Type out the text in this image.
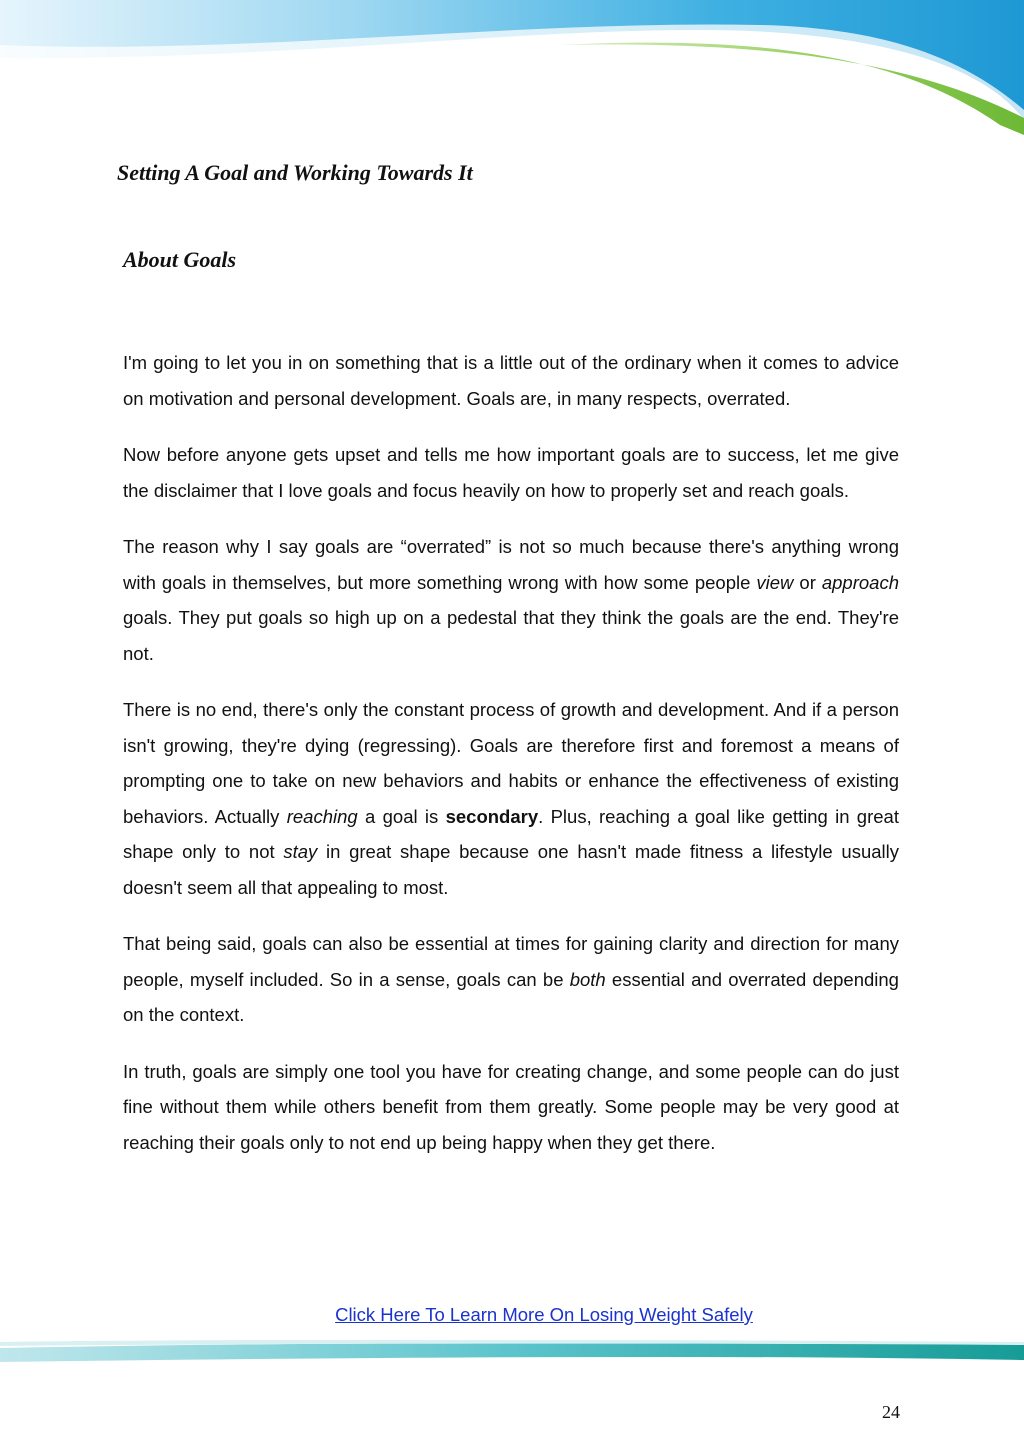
Setting A Goal and Working Towards It
About Goals

I'm going to let you in on something that is a little out of the ordinary when it comes to advice on motivation and personal development. Goals are, in many respects, overrated.

Now before anyone gets upset and tells me how important goals are to success, let me give the disclaimer that I love goals and focus heavily on how to properly set and reach goals.

The reason why I say goals are “overrated” is not so much because there's anything wrong with goals in themselves, but more something wrong with how some people view or approach goals. They put goals so high up on a pedestal that they think the goals are the end. They're not.

There is no end, there's only the constant process of growth and development. And if a person isn't growing, they're dying (regressing). Goals are therefore first and foremost a means of prompting one to take on new behaviors and habits or enhance the effectiveness of existing behaviors. Actually reaching a goal is secondary. Plus, reaching a goal like getting in great shape only to not stay in great shape because one hasn't made fitness a lifestyle usually doesn't seem all that appealing to most.

That being said, goals can also be essential at times for gaining clarity and direction for many people, myself included. So in a sense, goals can be both essential and overrated depending on the context.

In truth, goals are simply one tool you have for creating change, and some people can do just fine without them while others benefit from them greatly. Some people may be very good at reaching their goals only to not end up being happy when they get there.

Click Here To Learn More On Losing Weight Safely
24
